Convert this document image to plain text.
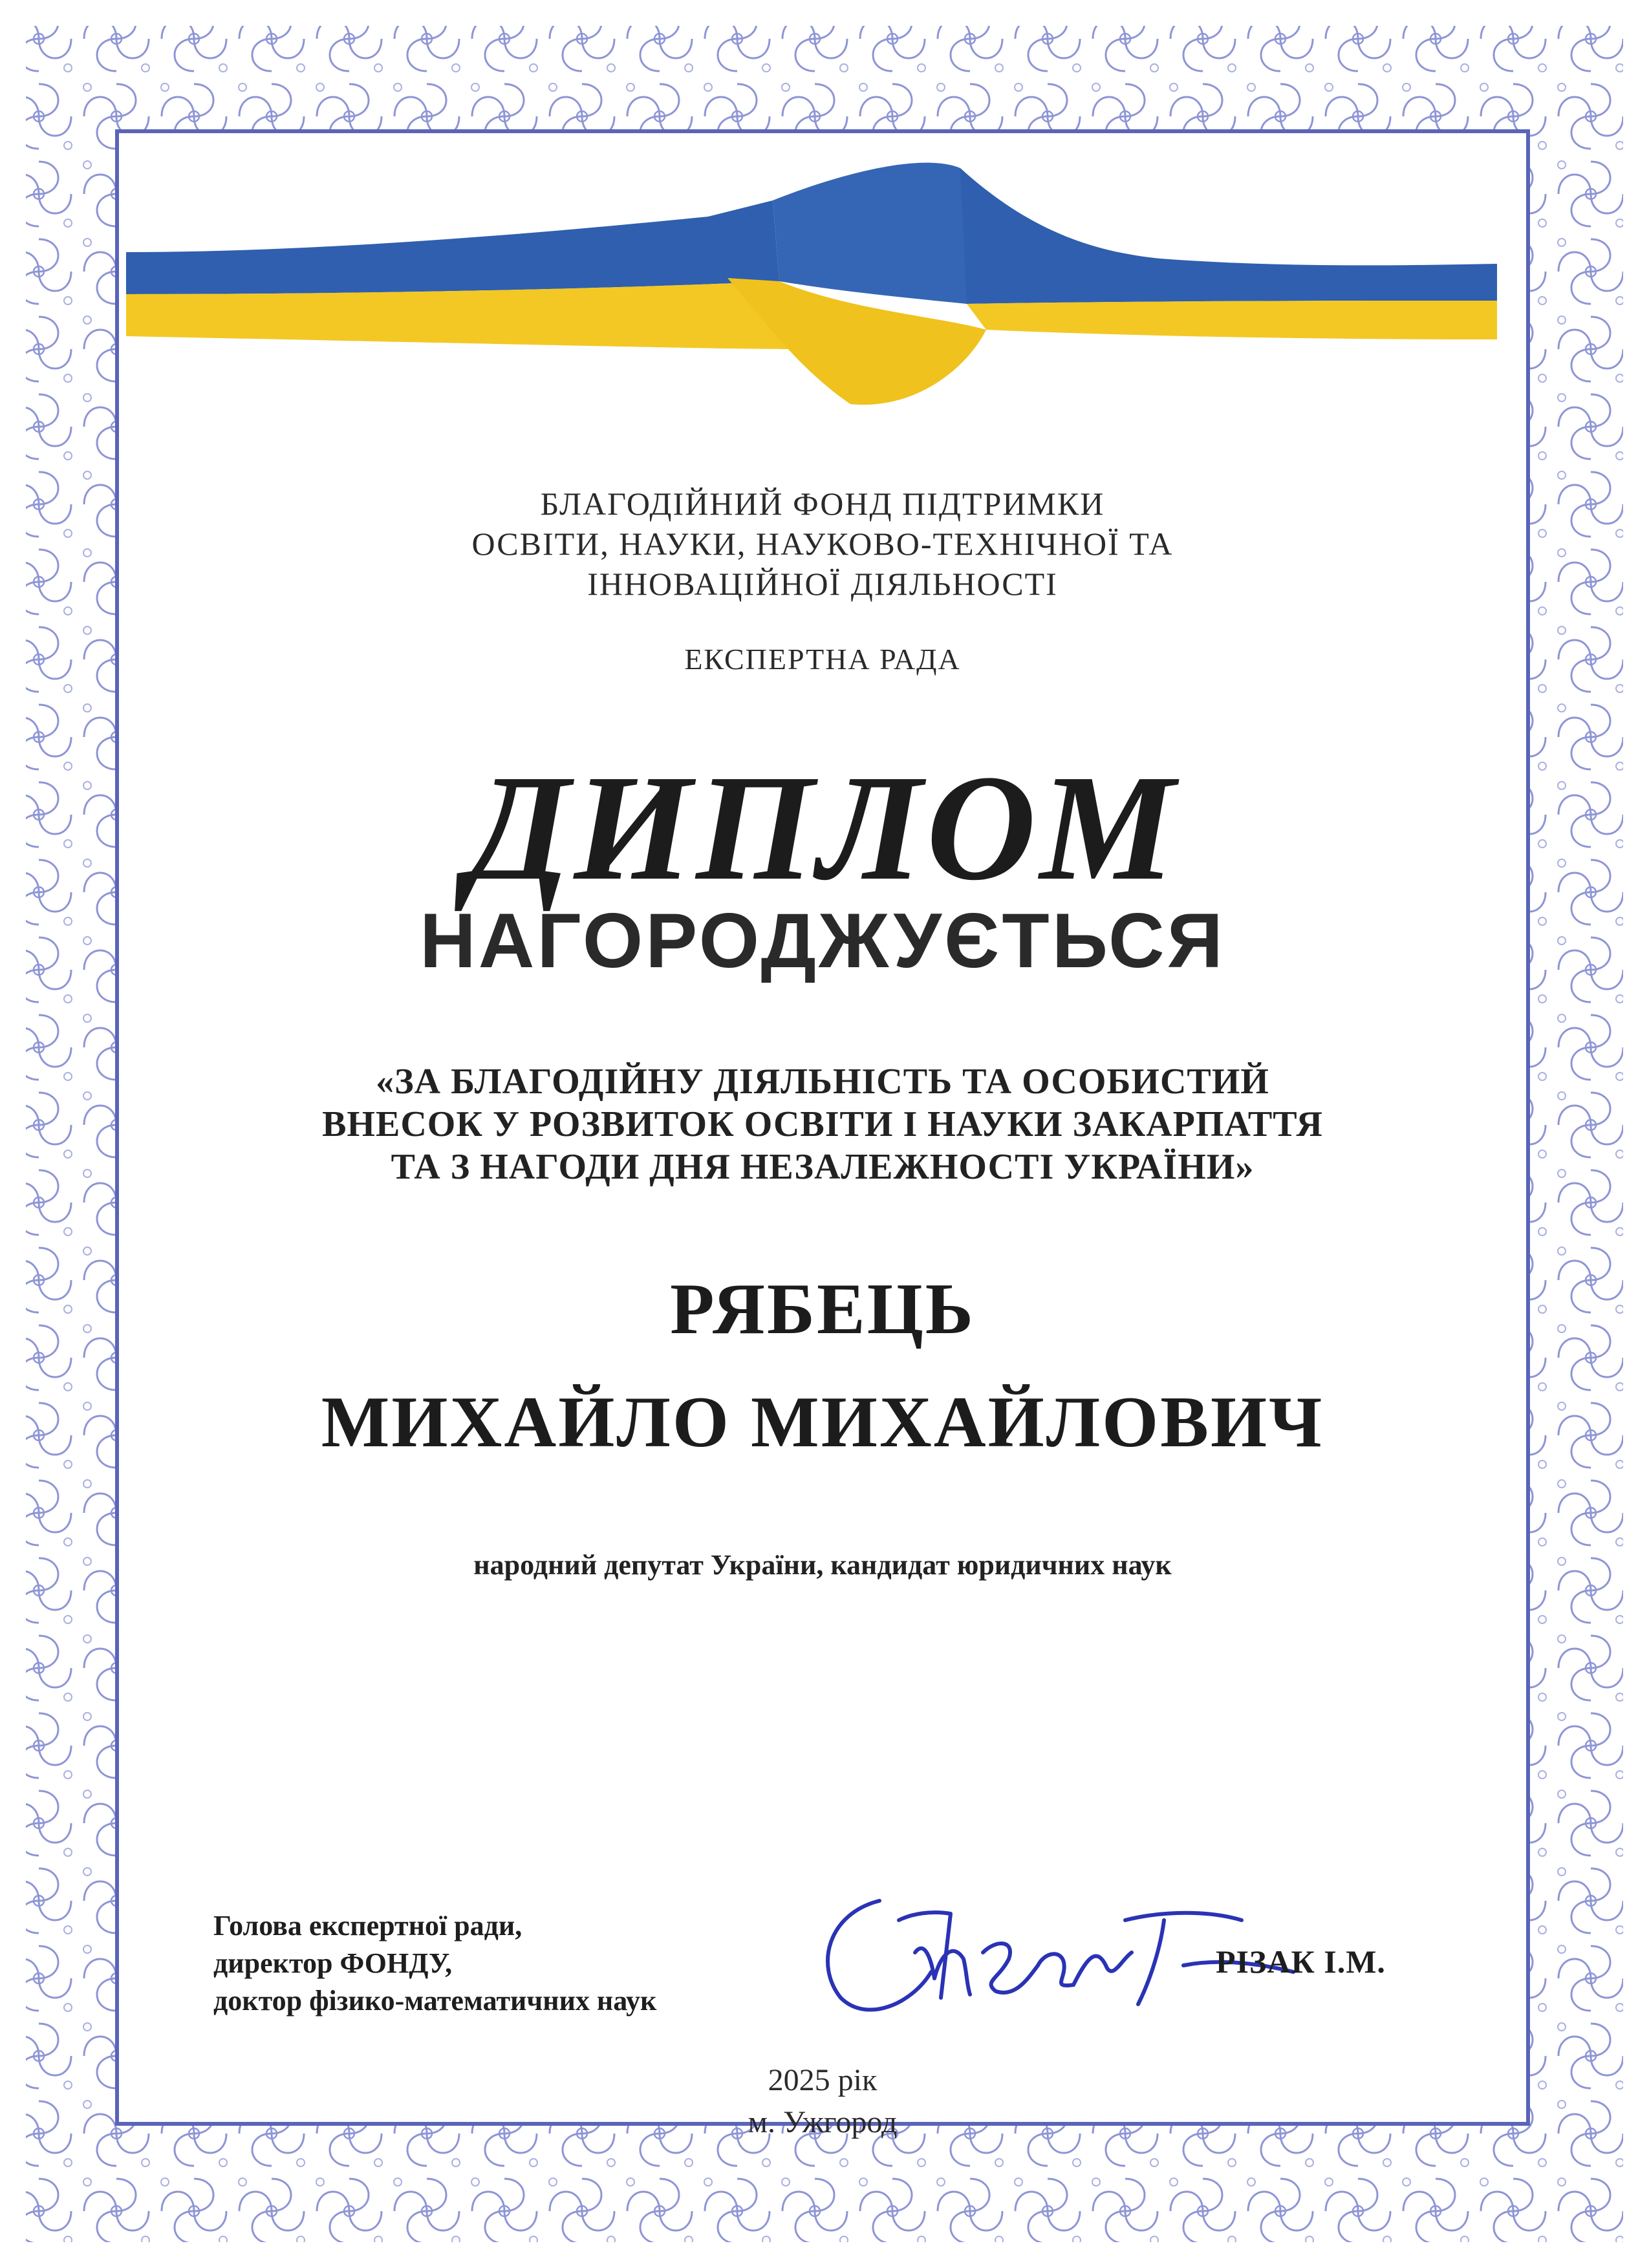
БЛАГОДІЙНИЙ ФОНД ПІДТРИМКИ
ОСВІТИ, НАУКИ, НАУКОВО-ТЕХНІЧНОЇ ТА
ІННОВАЦІЙНОЇ ДІЯЛЬНОСТІ
ЕКСПЕРТНА РАДА
ДИПЛОМ
НАГОРОДЖУЄТЬСЯ
«ЗА БЛАГОДІЙНУ ДІЯЛЬНІСТЬ ТА ОСОБИСТИЙ
ВНЕСОК У РОЗВИТОК ОСВІТИ І НАУКИ ЗАКАРПАТТЯ
ТА З НАГОДИ ДНЯ НЕЗАЛЕЖНОСТІ УКРАЇНИ»
РЯБЕЦЬ
МИХАЙЛО МИХАЙЛОВИЧ
народний депутат України, кандидат юридичних наук
Голова експертної ради,
директор ФОНДУ,
доктор фізико-математичних наук
РІЗАК І.М.
2025 рік
м. Ужгород
